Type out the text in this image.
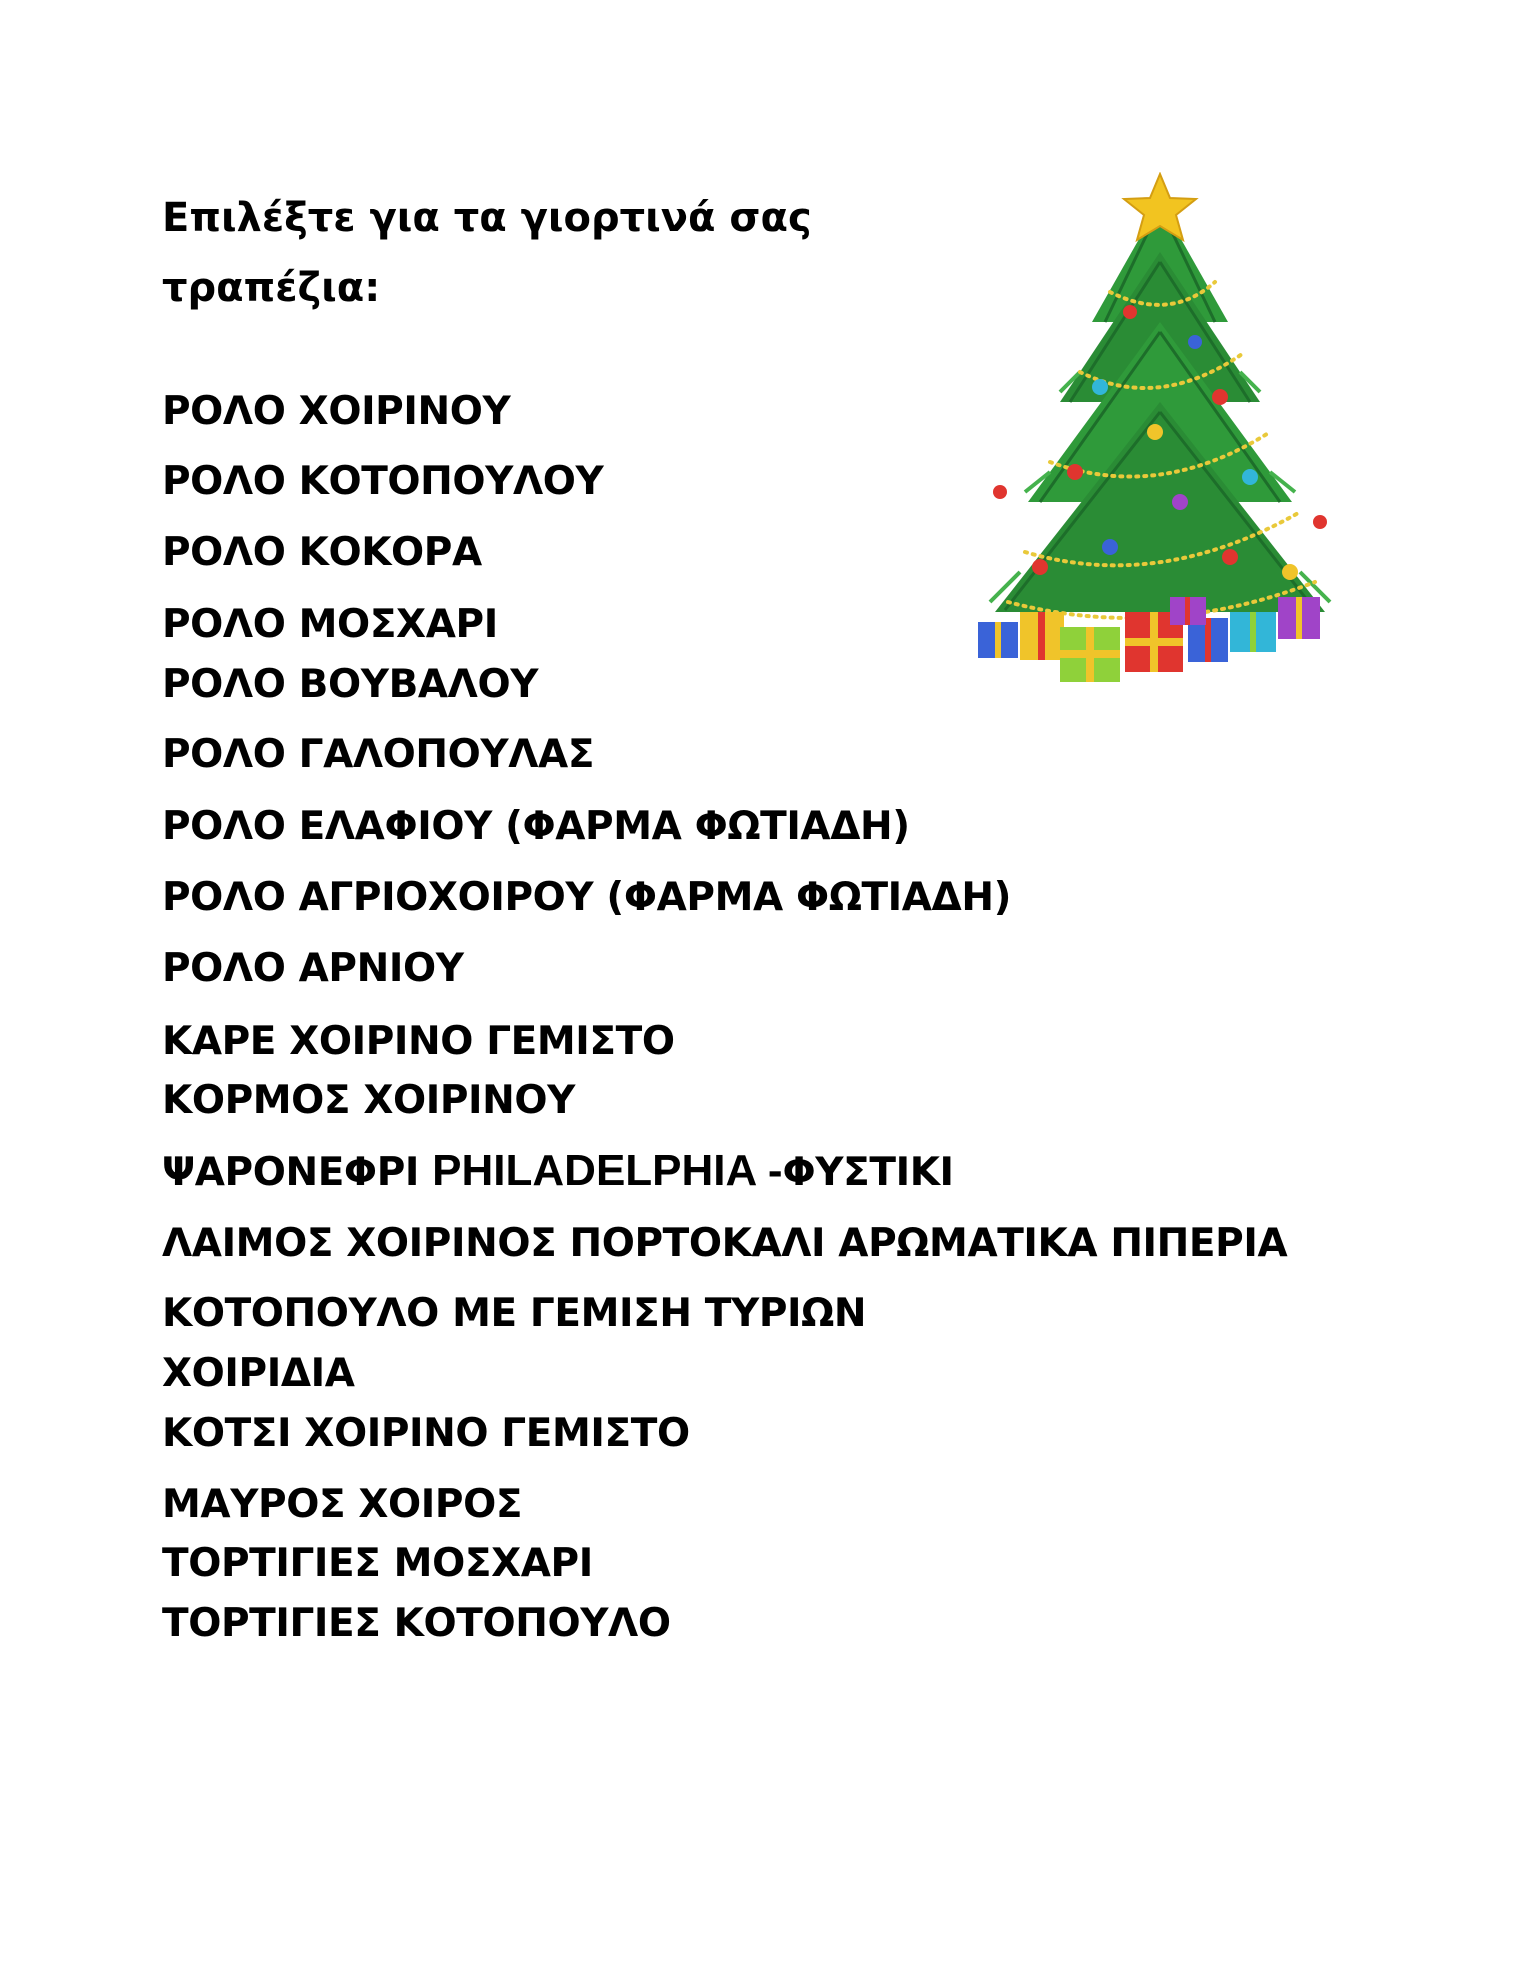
Επιλέξτε για τα γιορτινά σας
τραπέζια:
ΡΟΛΟ ΧΟΙΡΙΝΟΥ
ΡΟΛΟ ΚΟΤΟΠΟΥΛΟΥ
ΡΟΛΟ ΚΟΚΟΡΑ
ΡΟΛΟ ΜΟΣΧΑΡΙ
ΡΟΛΟ ΒΟΥΒΑΛΟΥ
ΡΟΛΟ ΓΑΛΟΠΟΥΛΑΣ
ΡΟΛΟ ΕΛΑΦΙΟΥ (ΦΑΡΜΑ ΦΩΤΙΑΔΗ)
ΡΟΛΟ ΑΓΡΙΟΧΟΙΡΟΥ (ΦΑΡΜΑ ΦΩΤΙΑΔΗ)
ΡΟΛΟ ΑΡΝΙΟΥ
ΚΑΡΕ ΧΟΙΡΙΝΟ ΓΕΜΙΣΤΟ
ΚΟΡΜΟΣ ΧΟΙΡΙΝΟΥ
ΨΑΡΟΝΕΦΡΙ PHILADELPHIA -ΦΥΣΤΙΚΙ
ΛΑΙΜΟΣ ΧΟΙΡΙΝΟΣ ΠΟΡΤΟΚΑΛΙ ΑΡΩΜΑΤΙΚΑ ΠΙΠΕΡΙΑ
ΚΟΤΟΠΟΥΛΟ ΜΕ ΓΕΜΙΣΗ ΤΥΡΙΩΝ
ΧΟΙΡΙΔΙΑ
ΚΟΤΣΙ ΧΟΙΡΙΝΟ ΓΕΜΙΣΤΟ
ΜΑΥΡΟΣ ΧΟΙΡΟΣ
ΤΟΡΤΙΓΙΕΣ ΜΟΣΧΑΡΙ
ΤΟΡΤΙΓΙΕΣ ΚΟΤΟΠΟΥΛΟ
